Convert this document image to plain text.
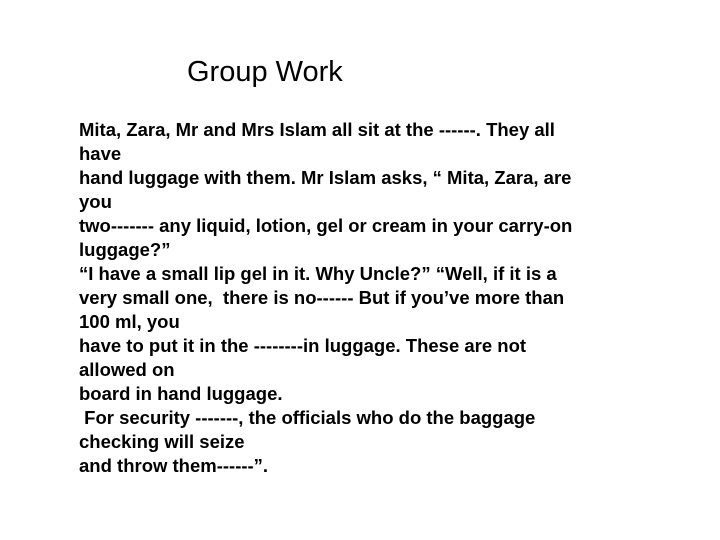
Group Work
Mita, Zara, Mr and Mrs Islam all sit at the ------. They all
have
hand luggage with them. Mr Islam asks, “ Mita, Zara, are
you
two------- any liquid, lotion, gel or cream in your carry-on
luggage?”
“I have a small lip gel in it. Why Uncle?” “Well, if it is a
very small one,  there is no------ But if you’ve more than
100 ml, you
have to put it in the --------in luggage. These are not
allowed on
board in hand luggage.
For security -------, the officials who do the baggage
checking will seize
and throw them------”.
